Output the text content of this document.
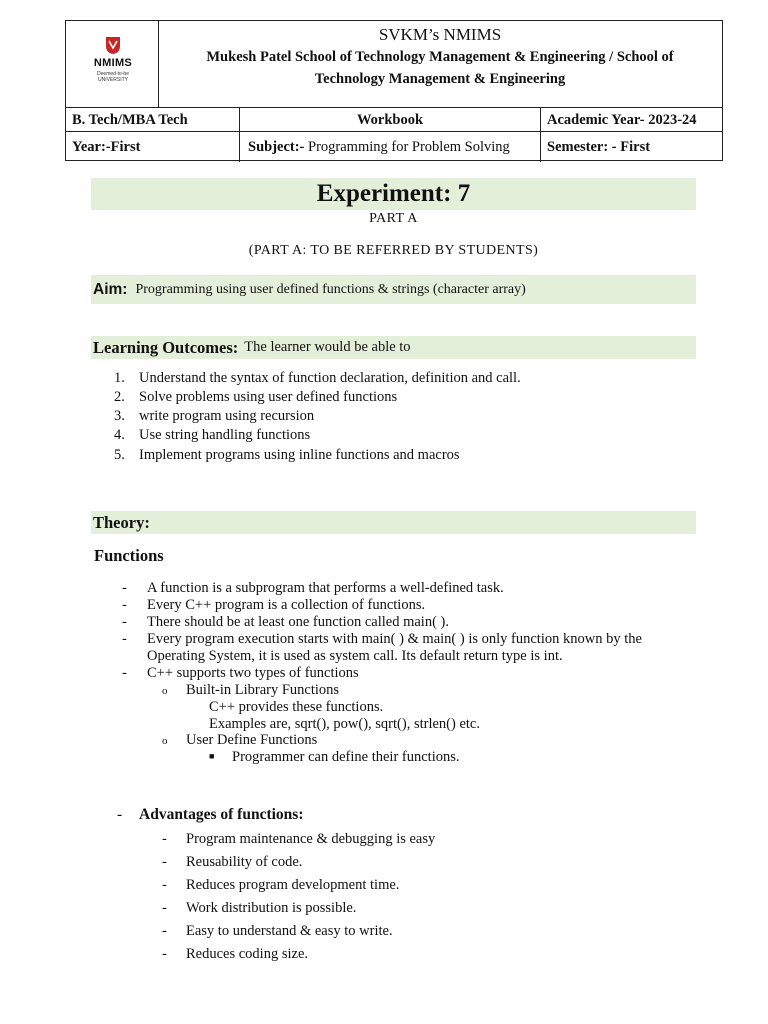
NMIMS
Deemed-to-be UNIVERSITY
SVKM’s NMIMS
Mukesh Patel School of Technology Management & Engineering / School of
Technology Management & Engineering
B. Tech/MBA Tech	Workbook	Academic Year- 2023-24
Year:-First	Subject:- Programming for Problem Solving	Semester: - First
Experiment: 7
PART A
(PART A: TO BE REFERRED BY STUDENTS)
Aim: Programming using user defined functions & strings (character array)
Learning Outcomes: The learner would be able to
1. Understand the syntax of function declaration, definition and call.
2. Solve problems using user defined functions
3. write program using recursion
4. Use string handling functions
5. Implement programs using inline functions and macros
Theory:
Functions
- A function is a subprogram that performs a well-defined task.
- Every C++ program is a collection of functions.
- There should be at least one function called main( ).
- Every program execution starts with main( ) & main( ) is only function known by the
Operating System, it is used as system call. Its default return type is int.
- C++ supports two types of functions
o Built-in Library Functions
C++ provides these functions.
Examples are, sqrt(), pow(), sqrt(), strlen() etc.
o User Define Functions
■ Programmer can define their functions.
- Advantages of functions:
- Program maintenance & debugging is easy
- Reusability of code.
- Reduces program development time.
- Work distribution is possible.
- Easy to understand & easy to write.
- Reduces coding size.
